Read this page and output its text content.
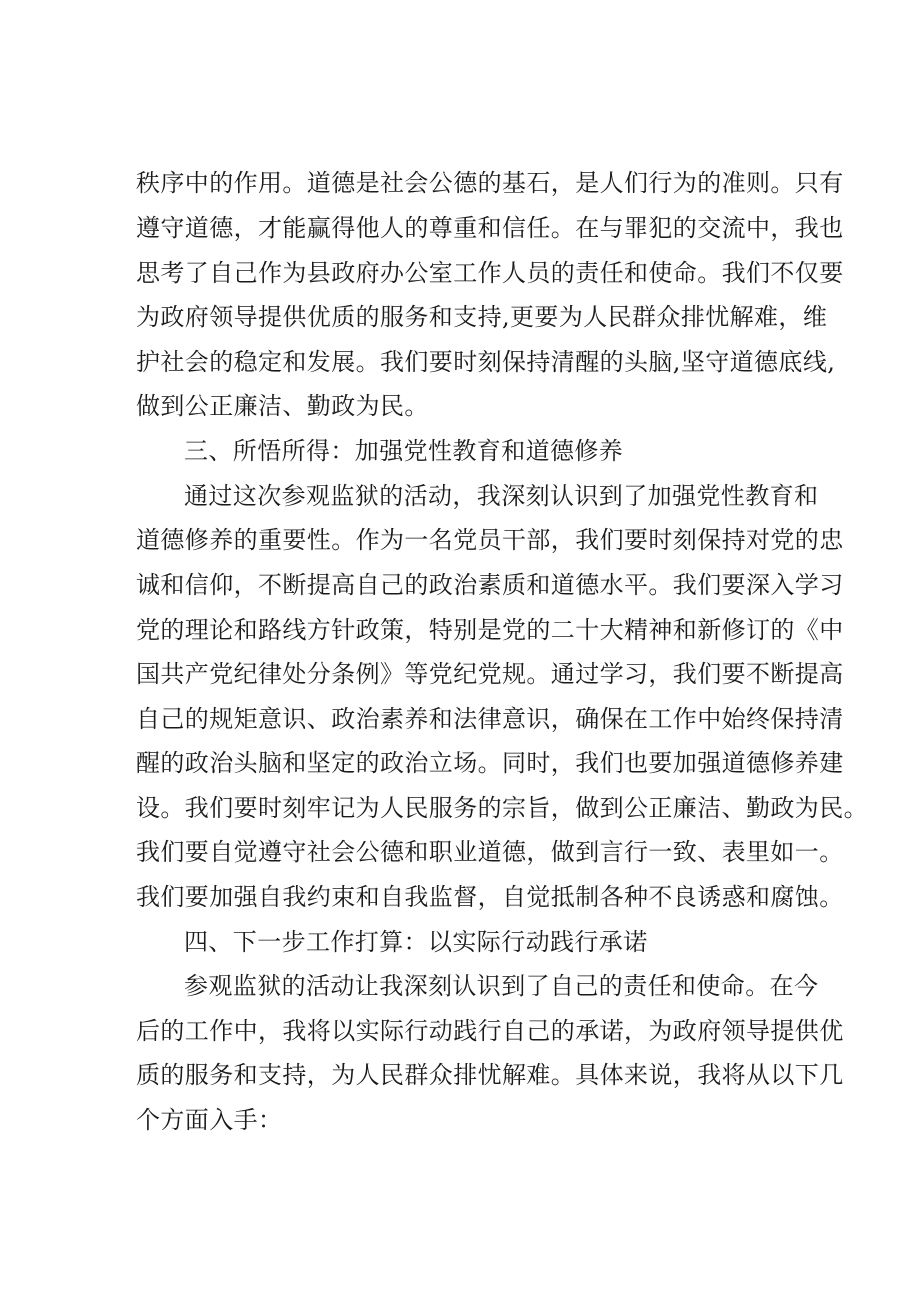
秩序中的作用。道德是社会公德的基石，是人们行为的准则。只有
遵守道德，才能赢得他人的尊重和信任。在与罪犯的交流中，我也
思考了自己作为县政府办公室工作人员的责任和使命。我们不仅要
为政府领导提供优质的服务和支持,更要为人民群众排忧解难，维
护社会的稳定和发展。我们要时刻保持清醒的头脑,坚守道德底线,
做到公正廉洁、勤政为民。
三、所悟所得：加强党性教育和道德修养
通过这次参观监狱的活动，我深刻认识到了加强党性教育和
道德修养的重要性。作为一名党员干部，我们要时刻保持对党的忠
诚和信仰，不断提高自己的政治素质和道德水平。我们要深入学习
党的理论和路线方针政策，特别是党的二十大精神和新修订的《中
国共产党纪律处分条例》等党纪党规。通过学习，我们要不断提高
自己的规矩意识、政治素养和法律意识，确保在工作中始终保持清
醒的政治头脑和坚定的政治立场。同时，我们也要加强道德修养建
设。我们要时刻牢记为人民服务的宗旨，做到公正廉洁、勤政为民。
我们要自觉遵守社会公德和职业道德，做到言行一致、表里如一。
我们要加强自我约束和自我监督，自觉抵制各种不良诱惑和腐蚀。
四、下一步工作打算：以实际行动践行承诺
参观监狱的活动让我深刻认识到了自己的责任和使命。在今
后的工作中，我将以实际行动践行自己的承诺，为政府领导提供优
质的服务和支持，为人民群众排忧解难。具体来说，我将从以下几
个方面入手：
